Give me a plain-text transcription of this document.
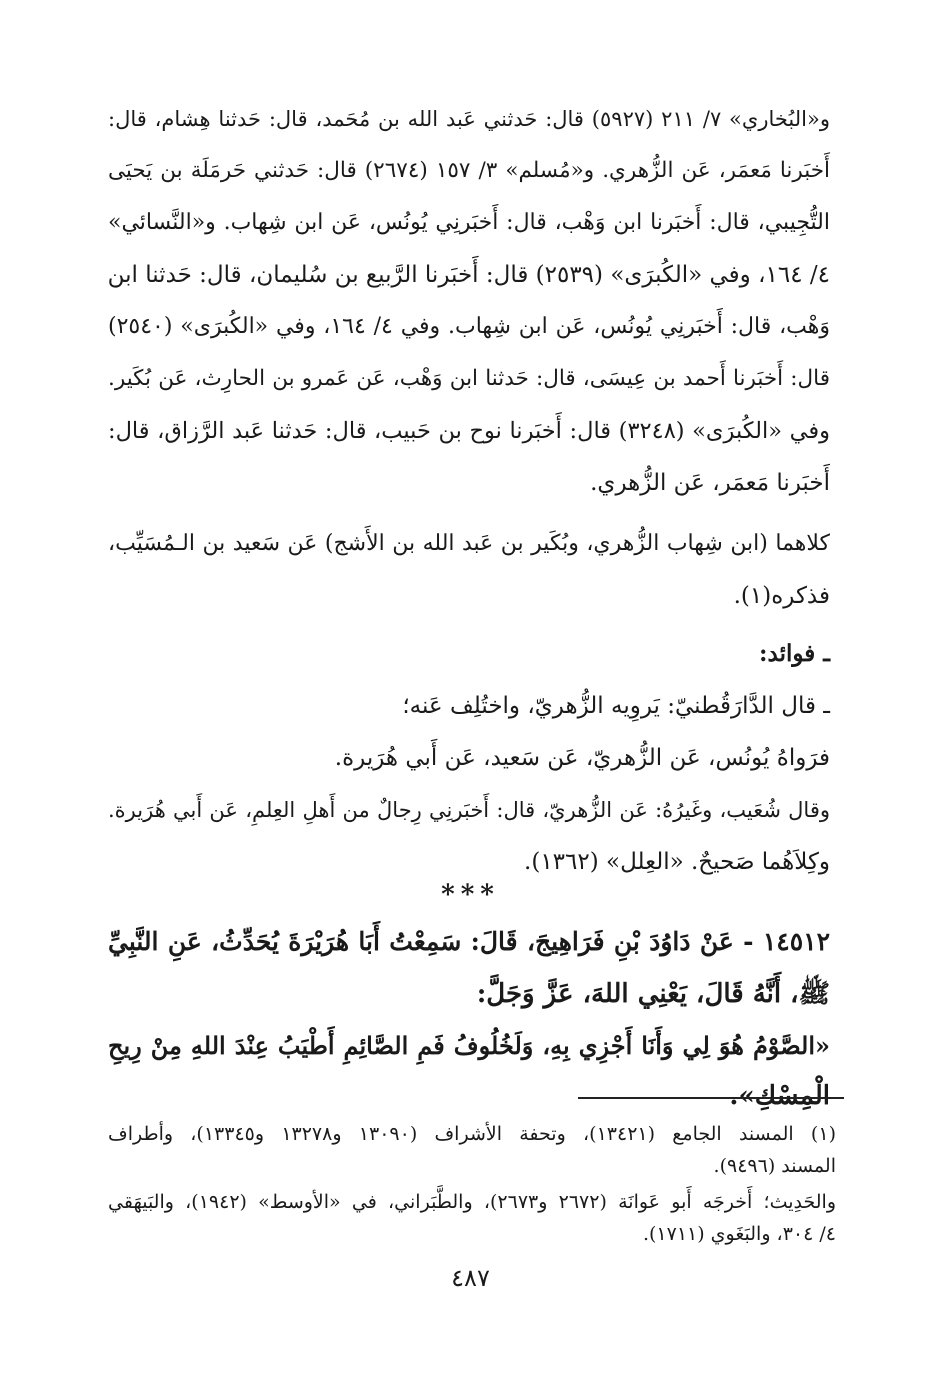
و«البُخاري» ٧/ ٢١١ (٥٩٢٧) قال: حَدثني عَبد الله بن مُحَمد، قال: حَدثنا هِشام، قال:
أَخبَرنا مَعمَر، عَن الزُّهري. و«مُسلم» ٣/ ١٥٧ (٢٦٧٤) قال: حَدثني حَرمَلَة بن يَحيَى
التُّجِيبي، قال: أَخبَرنا ابن وَهْب، قال: أَخبَرنِي يُونُس، عَن ابن شِهاب. و«النَّسائي»
٤/ ١٦٤، وفي «الكُبرَى» (٢٥٣٩) قال: أَخبَرنا الرَّبيع بن سُليمان، قال: حَدثنا ابن
وَهْب، قال: أَخبَرنِي يُونُس، عَن ابن شِهاب. وفي ٤/ ١٦٤، وفي «الكُبرَى» (٢٥٤٠)
قال: أَخبَرنا أَحمد بن عِيسَى، قال: حَدثنا ابن وَهْب، عَن عَمرو بن الحارِث، عَن بُكَير.
وفي «الكُبرَى» (٣٢٤٨) قال: أَخبَرنا نوح بن حَبيب، قال: حَدثنا عَبد الرَّزاق، قال:
أَخبَرنا مَعمَر، عَن الزُّهري.
كلاهما (ابن شِهاب الزُّهري، وبُكَير بن عَبد الله بن الأَشج) عَن سَعيد بن الـمُسَيِّب،
فذكره(١).
ـ فوائد:
ـ قال الدَّارَقُطنيّ: يَروِيه الزُّهريّ، واختُلِف عَنه؛
فرَواهُ يُونُس، عَن الزُّهريّ، عَن سَعيد، عَن أَبي هُرَيرة.
وقال شُعَيب، وغَيرُهُ: عَن الزُّهريّ، قال: أَخبَرنِي رِجالٌ من أَهلِ العِلمِ، عَن أَبي هُرَيرة.
وكِلاَهُما صَحيحٌ. «العِلل» (١٣٦٢).
***
١٤٥١٢ - عَنْ دَاوُدَ بْنِ فَرَاهِيجَ، قَالَ: سَمِعْتُ أَبَا هُرَيْرَةَ يُحَدِّثُ، عَنِ النَّبِيِّ
ﷺ، أَنَّهُ قَالَ، يَعْنِي اللهَ، عَزَّ وَجَلَّ:
«الصَّوْمُ هُوَ لِي وَأَنَا أَجْزِي بِهِ، وَلَخُلُوفُ فَمِ الصَّائِمِ أَطْيَبُ عِنْدَ اللهِ مِنْ رِيحِ
الْمِسْكِ».
(١) المسند الجامع (١٣٤٢١)، وتحفة الأشراف (١٣٠٩٠ و١٣٢٧٨ و١٣٣٤٥)، وأطراف
المسند (٩٤٩٦).
والحَدِيث؛ أَخرجَه أَبو عَوانَة (٢٦٧٢ و٢٦٧٣)، والطَّبَراني، في «الأوسط» (١٩٤٢)، والبَيهَقي
٤/ ٣٠٤، والبَغَوي (١٧١١).
٤٨٧
